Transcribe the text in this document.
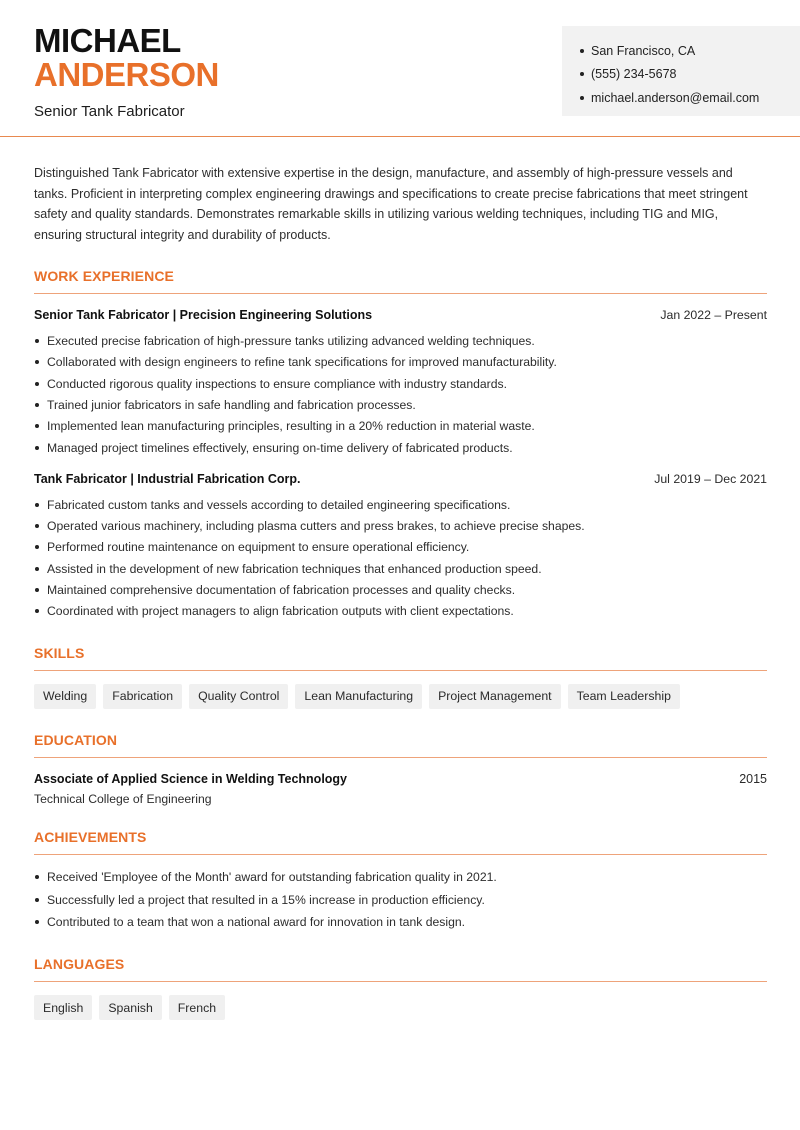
MICHAEL
ANDERSON
Senior Tank Fabricator
San Francisco, CA
(555) 234-5678
michael.anderson@email.com

Distinguished Tank Fabricator with extensive expertise in the design, manufacture, and assembly of high-pressure vessels and tanks. Proficient in interpreting complex engineering drawings and specifications to create precise fabrications that meet stringent safety and quality standards. Demonstrates remarkable skills in utilizing various welding techniques, including TIG and MIG, ensuring structural integrity and durability of products.

WORK EXPERIENCE
Senior Tank Fabricator | Precision Engineering Solutions	Jan 2022 – Present
Executed precise fabrication of high-pressure tanks utilizing advanced welding techniques.
Collaborated with design engineers to refine tank specifications for improved manufacturability.
Conducted rigorous quality inspections to ensure compliance with industry standards.
Trained junior fabricators in safe handling and fabrication processes.
Implemented lean manufacturing principles, resulting in a 20% reduction in material waste.
Managed project timelines effectively, ensuring on-time delivery of fabricated products.
Tank Fabricator | Industrial Fabrication Corp.	Jul 2019 – Dec 2021
Fabricated custom tanks and vessels according to detailed engineering specifications.
Operated various machinery, including plasma cutters and press brakes, to achieve precise shapes.
Performed routine maintenance on equipment to ensure operational efficiency.
Assisted in the development of new fabrication techniques that enhanced production speed.
Maintained comprehensive documentation of fabrication processes and quality checks.
Coordinated with project managers to align fabrication outputs with client expectations.
SKILLS
Welding	Fabrication	Quality Control	Lean Manufacturing	Project Management	Team Leadership
EDUCATION
Associate of Applied Science in Welding Technology	2015
Technical College of Engineering
ACHIEVEMENTS
Received 'Employee of the Month' award for outstanding fabrication quality in 2021.
Successfully led a project that resulted in a 15% increase in production efficiency.
Contributed to a team that won a national award for innovation in tank design.
LANGUAGES
English	Spanish	French
